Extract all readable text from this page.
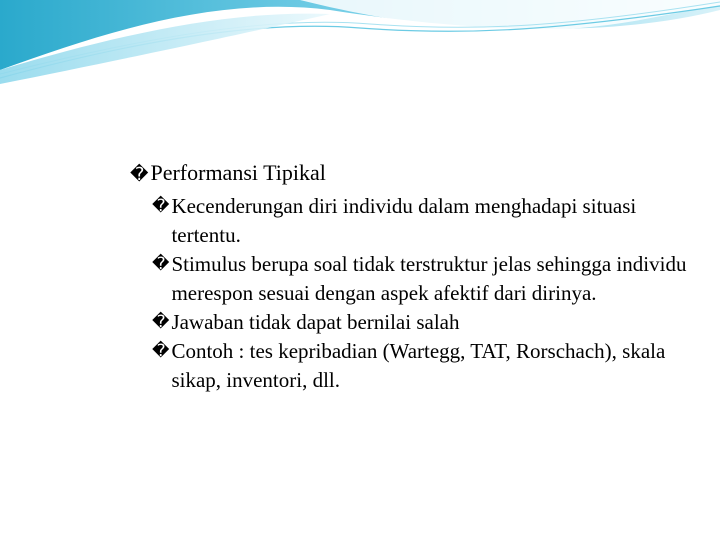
� Performansi Tipikal
� Kecenderungan diri individu dalam menghadapi situasi tertentu.
� Stimulus berupa soal tidak terstruktur jelas sehingga individu merespon sesuai dengan aspek afektif dari dirinya.
� Jawaban tidak dapat bernilai salah
� Contoh : tes kepribadian (Wartegg, TAT, Rorschach), skala sikap, inventori, dll.
